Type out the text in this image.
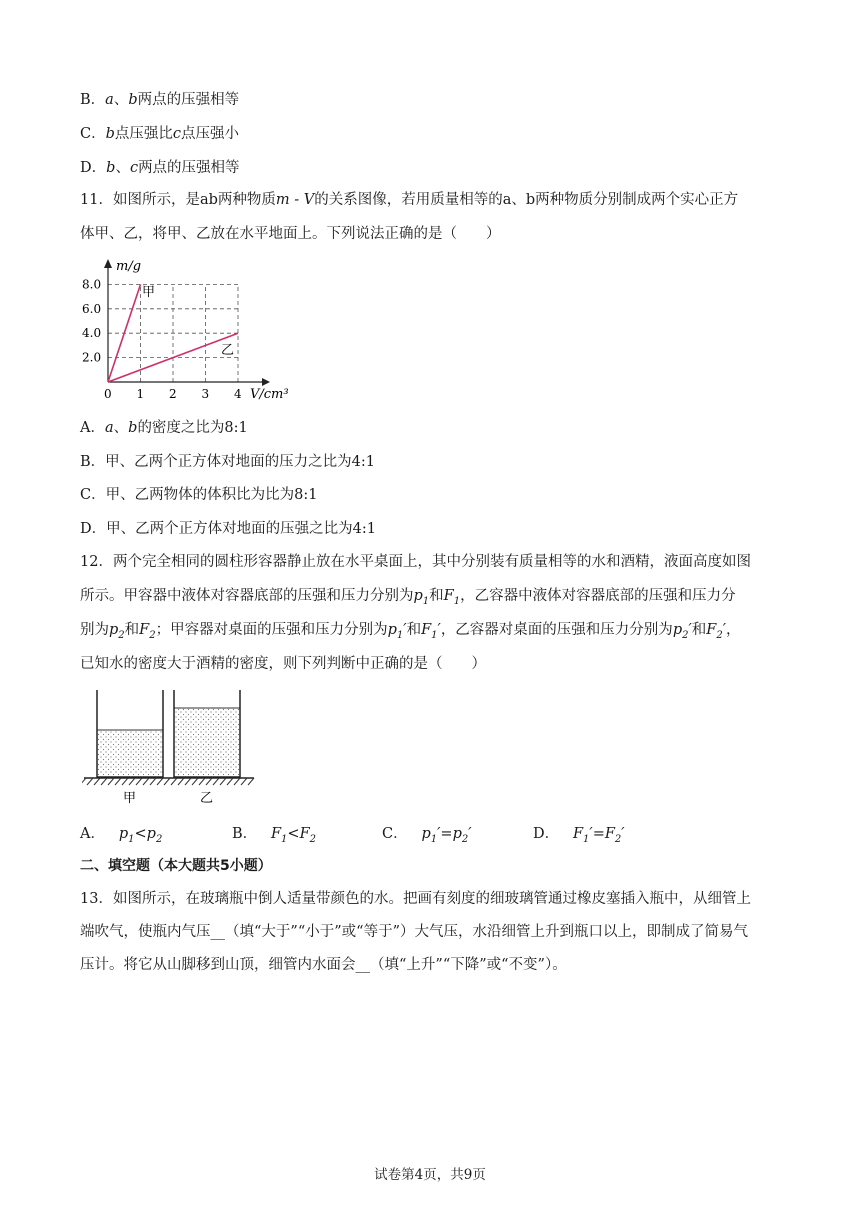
B．a、b两点的压强相等
C．b点压强比c点压强小
D．b、c两点的压强相等
11．如图所示，是ab两种物质m - V的关系图像，若用质量相等的a、b两种物质分别制成两个实心正方
体甲、乙，将甲、乙放在水平地面上。下列说法正确的是（　　）
m/g
V/cm³
2.0
4.0
6.0
8.0
0 1 2 3 4
甲
乙
A．a、b的密度之比为8:1
B．甲、乙两个正方体对地面的压力之比为4:1
C．甲、乙两物体的体积比为比为8:1
D．甲、乙两个正方体对地面的压强之比为4:1
12．两个完全相同的圆柱形容器静止放在水平桌面上，其中分别装有质量相等的水和酒精，液面高度如图
所示。甲容器中液体对容器底部的压强和压力分别为$p_1$和$F_1$，乙容器中液体对容器底部的压强和压力分
别为$p_2$和$F_2$；甲容器对桌面的压强和压力分别为$p_1'$和$F_1'$，乙容器对桌面的压强和压力分别为$p_2'$和$F_2'$，
已知水的密度大于酒精的密度，则下列判断中正确的是（　　）
甲	乙
A． $p_1<p_2$	B． $F_1<F_2$	C． $p_1'=p_2'$	D． $F_1'=F_2'$
二、填空题（本大题共5小题）
13．如图所示，在玻璃瓶中倒人适量带颜色的水。把画有刻度的细玻璃管通过橡皮塞插入瓶中，从细管上
端吹气，使瓶内气压__（填“大于”“小于”或“等于”）大气压，水沿细管上升到瓶口以上，即制成了简易气
压计。将它从山脚移到山顶，细管内水面会__（填“上升”“下降”或“不变”）。
试卷第4页，共9页
